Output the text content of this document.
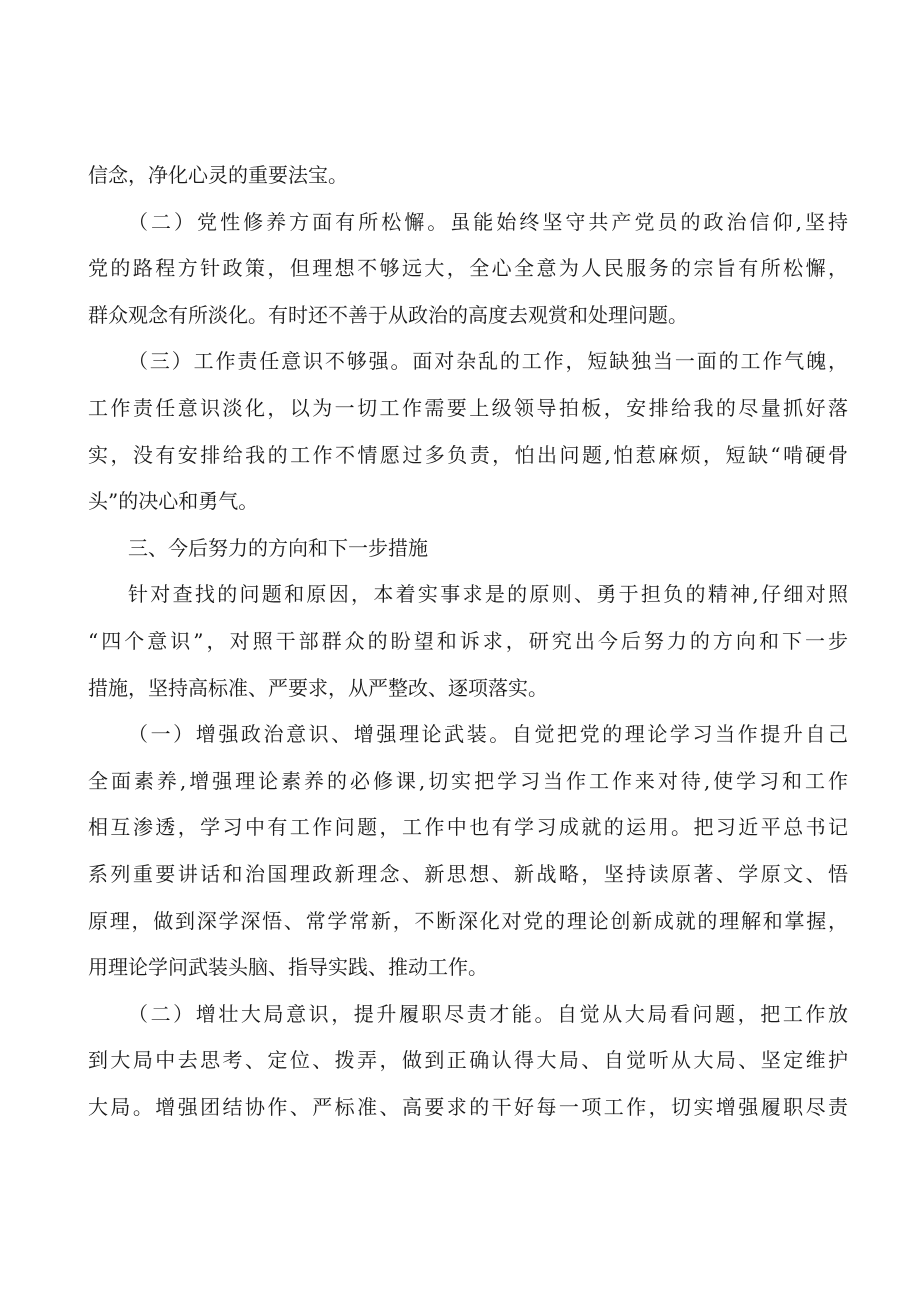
信念，净化心灵的重要法宝。
（二）党性修养方面有所松懈。虽能始终坚守共产党员的政治信仰,坚持
党的路程方针政策，但理想不够远大，全心全意为人民服务的宗旨有所松懈，
群众观念有所淡化。有时还不善于从政治的高度去观赏和处理问题。
（三）工作责任意识不够强。面对杂乱的工作，短缺独当一面的工作气魄，
工作责任意识淡化，以为一切工作需要上级领导拍板，安排给我的尽量抓好落
实，没有安排给我的工作不情愿过多负责，怕出问题,怕惹麻烦，短缺“啃硬骨
头”的决心和勇气。
三、今后努力的方向和下一步措施
针对查找的问题和原因，本着实事求是的原则、勇于担负的精神,仔细对照
“四个意识”，对照干部群众的盼望和诉求，研究出今后努力的方向和下一步
措施，坚持高标准、严要求，从严整改、逐项落实。
（一）增强政治意识、增强理论武装。自觉把党的理论学习当作提升自己
全面素养,增强理论素养的必修课,切实把学习当作工作来对待,使学习和工作
相互渗透，学习中有工作问题，工作中也有学习成就的运用。把习近平总书记
系列重要讲话和治国理政新理念、新思想、新战略，坚持读原著、学原文、悟
原理，做到深学深悟、常学常新，不断深化对党的理论创新成就的理解和掌握，
用理论学问武装头脑、指导实践、推动工作。
（二）增壮大局意识，提升履职尽责才能。自觉从大局看问题，把工作放
到大局中去思考、定位、拨弄，做到正确认得大局、自觉听从大局、坚定维护
大局。增强团结协作、严标准、高要求的干好每一项工作，切实增强履职尽责
